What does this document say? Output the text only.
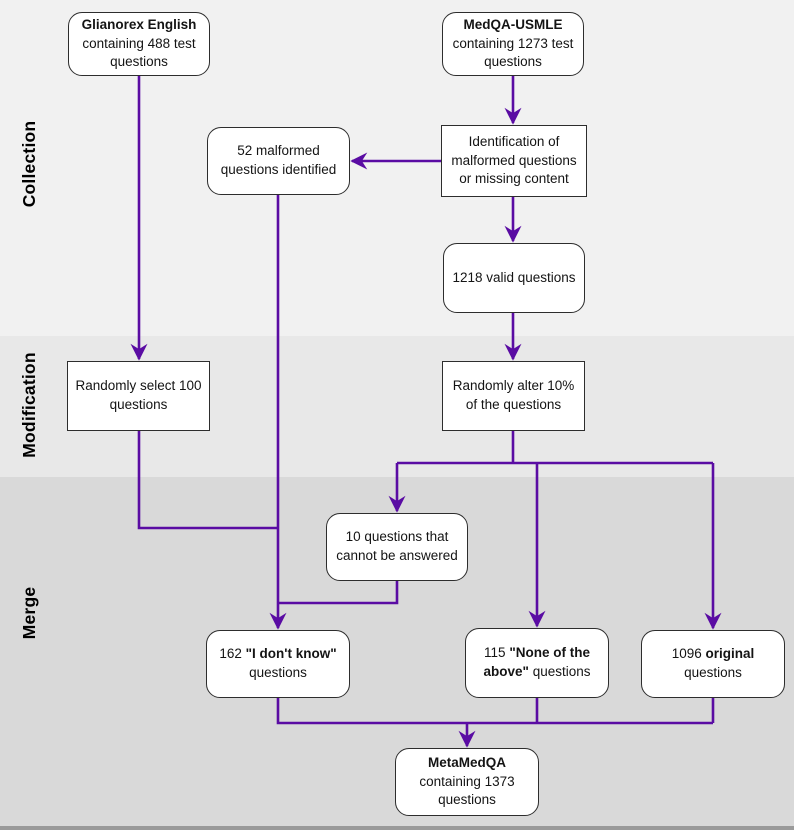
Collection
Modification
Merge
Glianorex English
containing 488 test
questions
MedQA-USMLE
containing 1273 test
questions
52 malformed
questions identified
Identification of
malformed questions
or missing content
1218 valid questions
Randomly select 100
questions
Randomly alter 10%
of the questions
10 questions that
cannot be answered
162 "I don't know"
questions
115 "None of the
above" questions
1096 original
questions
MetaMedQA
containing 1373
questions
